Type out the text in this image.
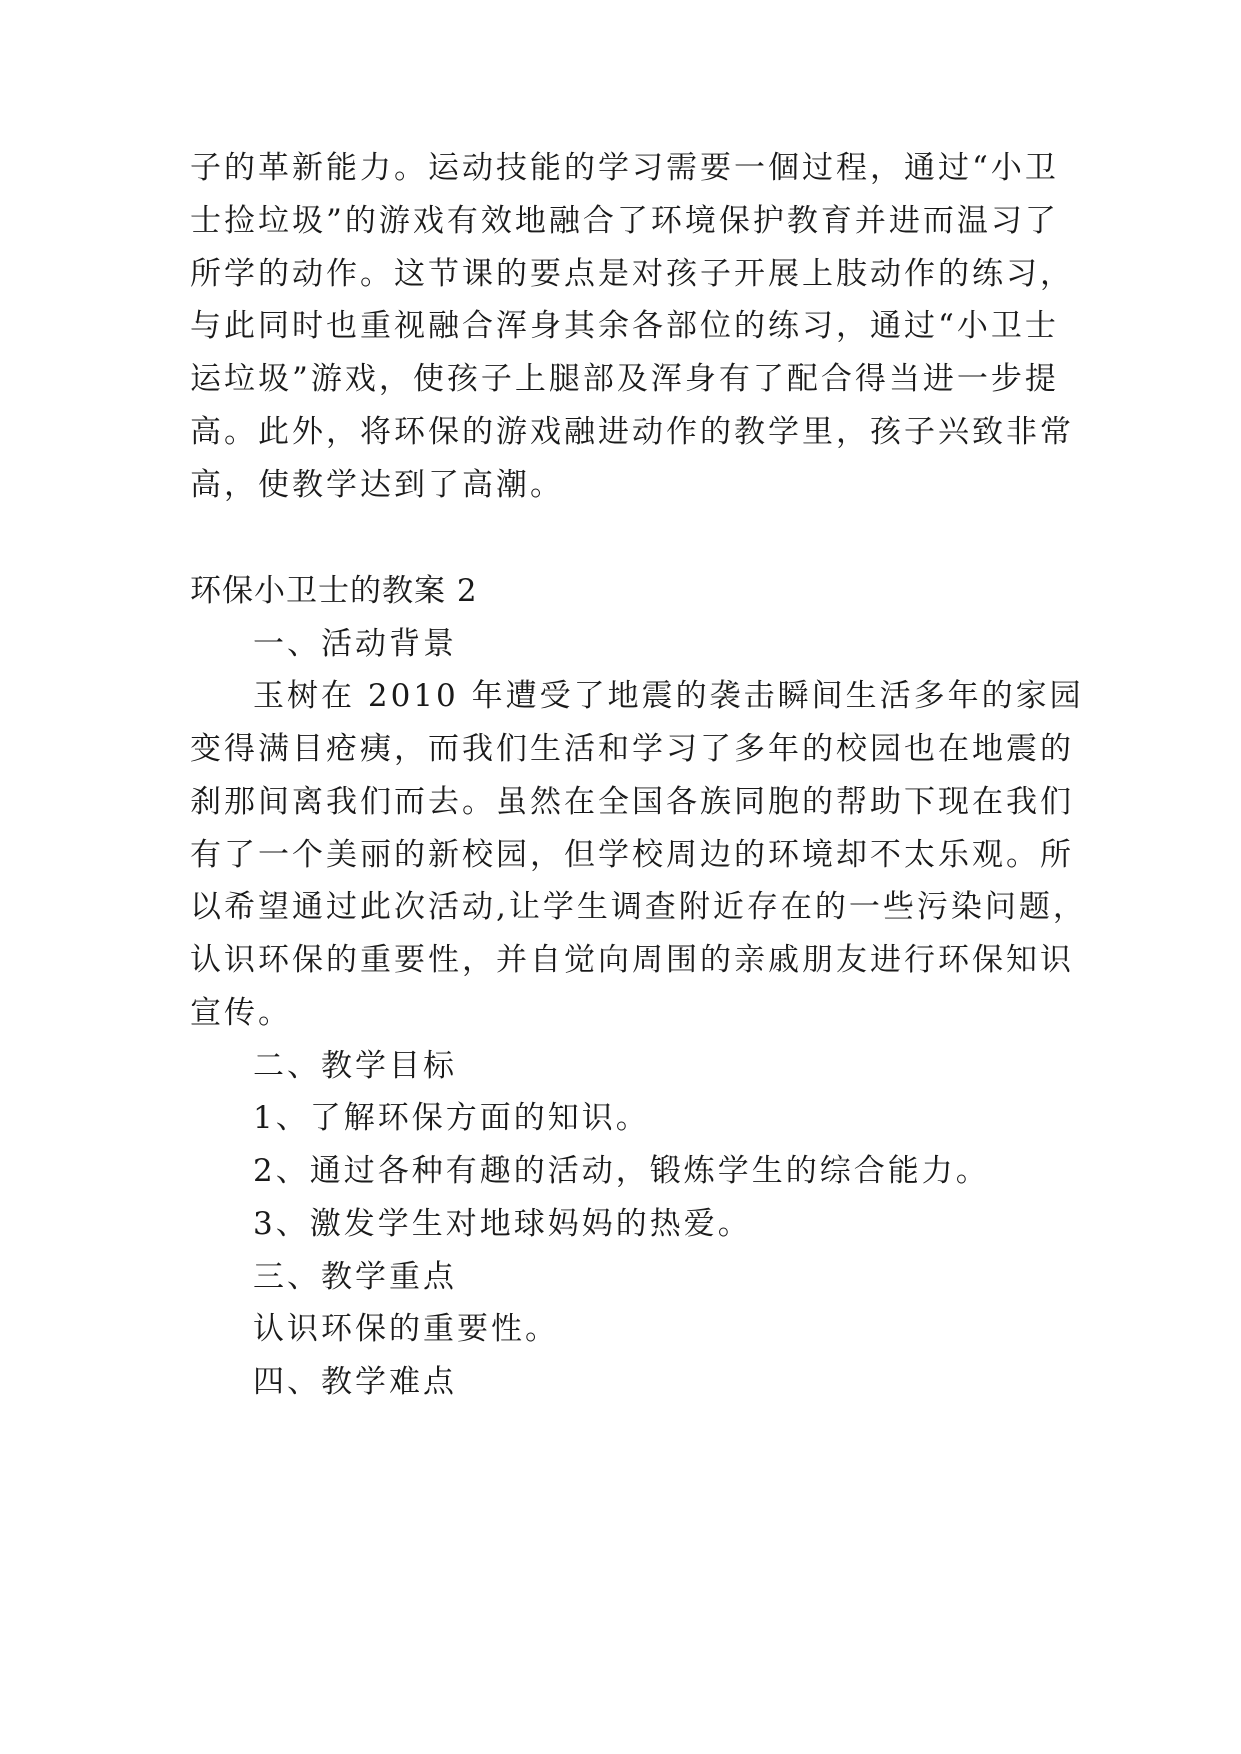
子的革新能力。运动技能的学习需要一個过程，通过“小卫
士捡垃圾”的游戏有效地融合了环境保护教育并进而温习了
所学的动作。这节课的要点是对孩子开展上肢动作的练习，
与此同时也重视融合浑身其余各部位的练习，通过“小卫士
运垃圾”游戏，使孩子上腿部及浑身有了配合得当进一步提
高。此外，将环保的游戏融进动作的教学里，孩子兴致非常
高，使教学达到了高潮。
环保小卫士的教案 2
一、活动背景
玉树在 2010 年遭受了地震的袭击瞬间生活多年的家园
变得满目疮痍，而我们生活和学习了多年的校园也在地震的
刹那间离我们而去。虽然在全国各族同胞的帮助下现在我们
有了一个美丽的新校园，但学校周边的环境却不太乐观。所
以希望通过此次活动,让学生调查附近存在的一些污染问题，
认识环保的重要性，并自觉向周围的亲戚朋友进行环保知识
宣传。
二、教学目标
1、了解环保方面的知识。
2、通过各种有趣的活动，锻炼学生的综合能力。
3、激发学生对地球妈妈的热爱。
三、教学重点
认识环保的重要性。
四、教学难点
